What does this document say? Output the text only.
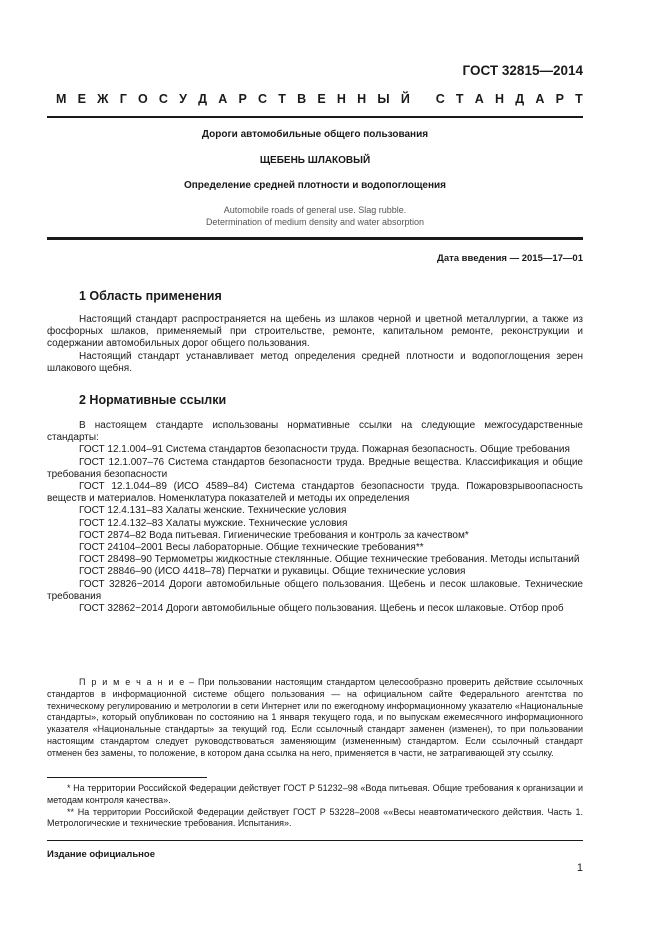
ГОСТ 32815—2014
М Е Ж Г О С У Д А Р С Т В Е Н Н Ы Й
С Т А Н Д А Р Т
Дороги автомобильные общего пользования
ЩЕБЕНЬ ШЛАКОВЫЙ
Определение средней плотности и водопоглощения
Automobile roads of general use. Slag rubble.
Determination of medium density and water absorption
Дата введения — 2015—17—01
1 Область применения

Настоящий стандарт распространяется на щебень из шлаков черной и цветной металлургии, а также из фосфорных шлаков, применяемый при строительстве, ремонте, капитальном ремонте, реконструкции и содержании автомобильных дорог общего пользования.

Настоящий стандарт устанавливает метод определения средней плотности и водопоглощения зерен шлакового щебня.

2 Нормативные ссылки

В настоящем стандарте использованы нормативные ссылки на следующие межгосударственные стандарты:

ГОСТ 12.1.004–91 Система стандартов безопасности труда. Пожарная безопасность. Общие требования

ГОСТ 12.1.007–76 Система стандартов безопасности труда. Вредные вещества. Классификация и общие требования безопасности

ГОСТ 12.1.044–89 (ИСО 4589–84) Система стандартов безопасности труда. Пожаровзрывоопасность веществ и материалов. Номенклатура показателей и методы их определения

ГОСТ 12.4.131–83 Халаты женские. Технические условия

ГОСТ 12.4.132–83 Халаты мужские. Технические условия

ГОСТ 2874–82 Вода питьевая. Гигиенические требования и контроль за качеством*

ГОСТ 24104–2001 Весы лабораторные. Общие технические требования**

ГОСТ 28498–90 Термометры жидкостные стеклянные. Общие технические требования. Методы испытаний

ГОСТ 28846–90 (ИСО 4418–78) Перчатки и рукавицы. Общие технические условия

ГОСТ 32826−2014 Дороги автомобильные общего пользования. Щебень и песок шлаковые. Технические требования

ГОСТ 32862−2014 Дороги автомобильные общего пользования. Щебень и песок шлаковые. Отбор проб

П р и м е ч а н и е – При пользовании настоящим стандартом целесообразно проверить действие ссылочных стандартов в информационной системе общего пользования — на официальном сайте Федерального агентства по техническому регулированию и метрологии в сети Интернет или по ежегодному информационному указателю «Национальные стандарты», который опубликован по состоянию на 1 января текущего года, и по выпускам ежемесячного информационного указателя «Национальные стандарты» за текущий год. Если ссылочный стандарт заменен (изменен), то при пользовании настоящим стандартом следует руководствоваться заменяющим (измененным) стандартом. Если ссылочный стандарт отменен без замены, то положение, в котором дана ссылка на него, применяется в части, не затрагивающей эту ссылку.

* На территории Российской Федерации действует ГОСТ Р 51232–98 «Вода питьевая. Общие требования к организации и методам контроля качества».

** На территории Российской Федерации действует ГОСТ Р 53228–2008 ««Весы неавтоматического действия. Часть 1. Метрологические и технические требования. Испытания».

Издание официальное
1
